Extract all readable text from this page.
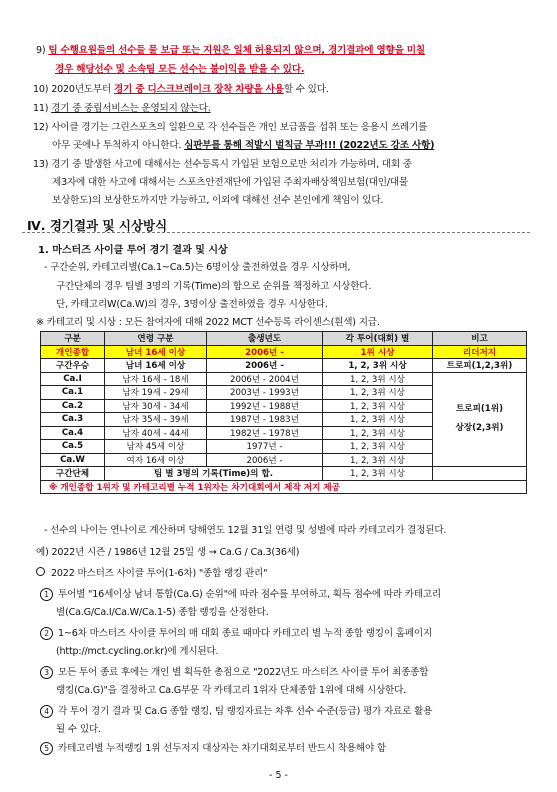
9) 팀 수행요원들의 선수들 물 보급 또는 지원은 일체 허용되지 않으며, 경기결과에 영향을 미칠
경우 해당선수 및 소속팀 모든 선수는 불이익을 받을 수 있다.
10) 2020년도부터 경기 중 디스크브레이크 장착 차량을 사용할 수 있다.
11) 경기 중 중립서비스는 운영되지 않는다.
12) 사이클 경기는 그린스포츠의 일환으로 각 선수들은 개인 보급품을 섭취 또는 응용시 쓰레기를
아무 곳에나 투척하지 아니한다. 심판부를 통해 적발시 벌칙금 부과!!! (2022년도 강조 사항)
13) 경기 중 발생한 사고에 대해서는 선수등록시 가입된 보험으로만 처리가 가능하며, 대회 중
제3자에 대한 사고에 대해서는 스포츠안전재단에 가입된 주최자배상책임보험(대인/대물
보상한도)의 보상한도까지만 가능하고, 이외에 대해선 선수 본인에게 책임이 있다.
Ⅳ. 경기결과 및 시상방식
1. 마스터즈 사이클 투어 경기 결과 및 시상
- 구간순위, 카테고리별(Ca.1~Ca.5)는 6명이상 출전하였을 경우 시상하며,
구간단체의 경우 팀별 3명의 기록(Time)의 합으로 순위를 책정하고 시상한다.
단, 카테고리W(Ca.W)의 경우, 3명이상 출전하였을 경우 시상한다.
※ 카테고리 및 시상 : 모든 참여자에 대해 2022 MCT 선수등록 라이센스(흰색) 지급.
구분	연령 구분	출생년도	각 투어(대회) 별	비고
개인종합	남녀 16세 이상	2006년 -	1위 시상	리더저지
구간우승	남녀 16세 이상	2006년 -	1, 2, 3위 시상	트로피(1,2,3위)
Ca.I	남자 16세 - 18세	2006년 - 2004년	1, 2, 3위 시상	트로피(1위)
상장(2,3위)

Ca.1	남자 19세 - 29세	2003년 - 1993년	1, 2, 3위 시상	
Ca.2	남자 30세 - 34세	1992년 - 1988년	1, 2, 3위 시상	
Ca.3	남자 35세 - 39세	1987년 - 1983년	1, 2, 3위 시상	
Ca.4	남자 40세 - 44세	1982년 - 1978년	1, 2, 3위 시상	
Ca.5	남자 45세 이상	1977년 -	1, 2, 3위 시상	
Ca.W	여자 16세 이상	2006년 -	1, 2, 3위 시상	
구간단체	팀 별 3명의 기록(Time)의 합.		1, 2, 3위 시상	
※ 개인종합 1위자 및 카테고리별 누적 1위자는 차기대회에서 제작 저지 제공				
- 선수의 나이는 연나이로 계산하며 당해연도 12월 31일 연령 및 성별에 따라 카테고리가 결정된다.
예) 2022년 시즌 / 1986년 12월 25일 생 → Ca.G / Ca.3(36세)
2022 마스터즈 사이클 투어(1-6차) "종합 랭킹 관리"
1 투어별 "16세이상 남녀 통합(Ca.G) 순위"에 따라 점수를 부여하고, 획득 점수에 따라 카테고리
별(Ca.G/Ca.I/Ca.W/Ca.1-5) 종합 랭킹을 산정한다.
2 1~6차 마스터즈 사이클 투어의 매 대회 종료 때마다 카테고리 별 누적 종합 랭킹이 홈페이지
(http://mct.cycling.or.kr)에 게시된다.
3 모든 투어 종료 후에는 개인 별 획득한 총점으로 "2022년도 마스터즈 사이클 투어 최종종합
랭킹(Ca.G)"을 결정하고 Ca.G부문 각 카테고리 1위자 단체종합 1위에 대해 시상한다.
4 각 투어 경기 결과 및 Ca.G 종합 랭킹, 팀 랭킹자료는 차후 선수 수준(등급) 평가 자료로 활용
될 수 있다.
5 카테고리별 누적랭킹 1위 선두저지 대상자는 차기대회로부터 반드시 착용해야 함
- 5 -
